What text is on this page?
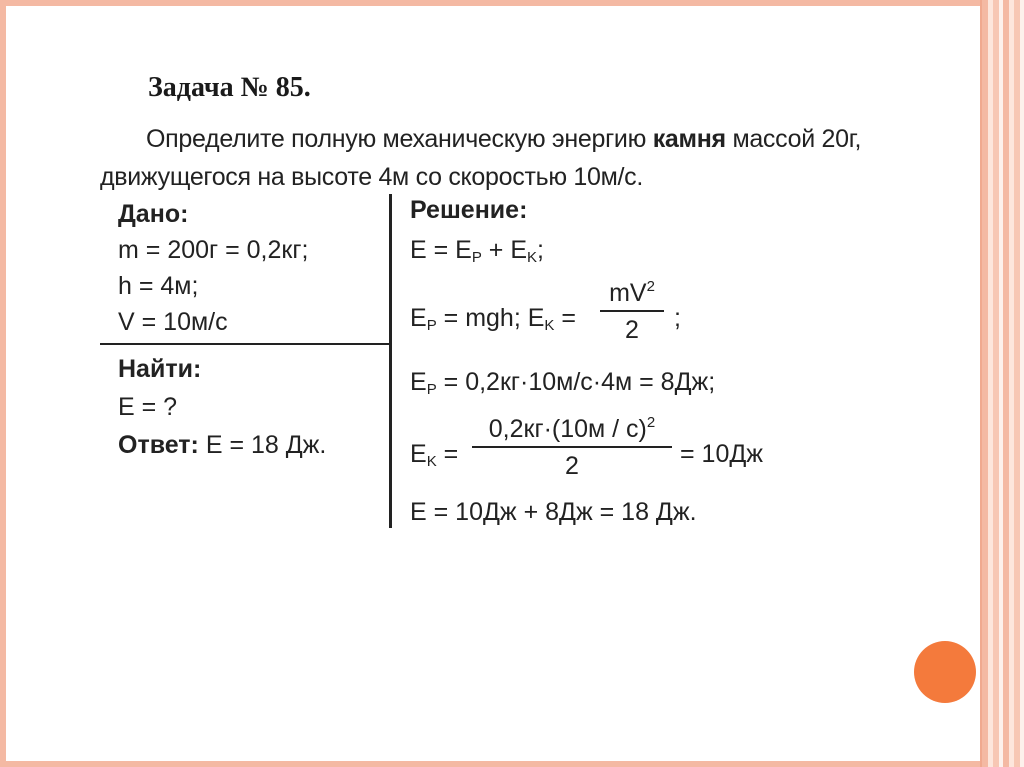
Задача № 85.
Определите полную механическую энергию камня массой 20г,
движущегося на высоте 4м со скоростью 10м/с.
Дано:
m = 200г = 0,2кг;
h = 4м;
V = 10м/с
Найти:
E = ?
Ответ: E = 18 Дж.
Решение:
$E = E_P + E_K$;
$E_P$ = mgh; $E_K$ =
$mV^2$
2	;
$E_P = 0,2кг\cdot 10м/с\cdot 4м = 8Дж$;
$E_K$ =
0,2кг·(10м / с)$^2$
2	= 10Дж
E = 10Дж + 8Дж = 18 Дж.
